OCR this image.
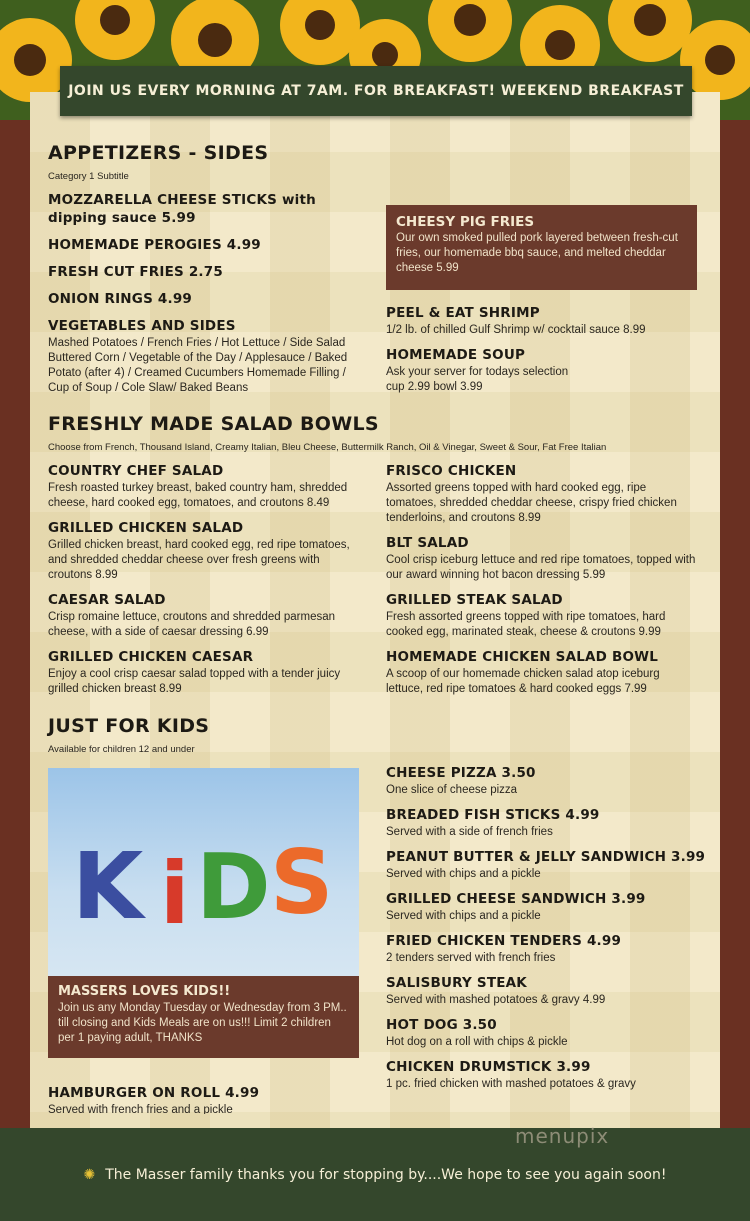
JOIN US EVERY MORNING AT 7AM. FOR BREAKFAST! WEEKEND BREAKFAST
APPETIZERS - SIDES
Category 1 Subtitle
MOZZARELLA CHEESE STICKS with dipping sauce 5.99
HOMEMADE PEROGIES 4.99
FRESH CUT FRIES 2.75
ONION RINGS 4.99
VEGETABLES AND SIDES
Mashed Potatoes / French Fries / Hot Lettuce / Side Salad Buttered Corn / Vegetable of the Day / Applesauce / Baked Potato (after 4) / Creamed Cucumbers Homemade Filling / Cup of Soup / Cole Slaw/ Baked Beans
CHEESY PIG FRIES
Our own smoked pulled pork layered between fresh-cut fries, our homemade bbq sauce, and melted cheddar cheese 5.99
PEEL & EAT SHRIMP
1/2 lb. of chilled Gulf Shrimp w/ cocktail sauce 8.99
HOMEMADE SOUP
Ask your server for todays selection cup 2.99 bowl 3.99
FRESHLY MADE SALAD BOWLS
Choose from French, Thousand Island, Creamy Italian, Bleu Cheese, Buttermilk Ranch, Oil & Vinegar, Sweet & Sour, Fat Free Italian
COUNTRY CHEF SALAD
Fresh roasted turkey breast, baked country ham, shredded cheese, hard cooked egg, tomatoes, and croutons 8.49
GRILLED CHICKEN SALAD
Grilled chicken breast, hard cooked egg, red ripe tomatoes, and shredded cheddar cheese over fresh greens with croutons 8.99
CAESAR SALAD
Crisp romaine lettuce, croutons and shredded parmesan cheese, with a side of caesar dressing 6.99
GRILLED CHICKEN CAESAR
Enjoy a cool crisp caesar salad topped with a tender juicy grilled chicken breast 8.99
FRISCO CHICKEN
Assorted greens topped with hard cooked egg, ripe tomatoes, shredded cheddar cheese, crispy fried chicken tenderloins, and croutons 8.99
BLT SALAD
Cool crisp iceburg lettuce and red ripe tomatoes, topped with our award winning hot bacon dressing 5.99
GRILLED STEAK SALAD
Fresh assorted greens topped with ripe tomatoes, hard cooked egg, marinated steak, cheese & croutons 9.99
HOMEMADE CHICKEN SALAD BOWL
A scoop of our homemade chicken salad atop iceburg lettuce, red ripe tomatoes & hard cooked eggs 7.99
JUST FOR KIDS
Available for children 12 and under
K i D S
MASSERS LOVES KIDS!!
Join us any Monday Tuesday or Wednesday from 3 PM.. till closing and Kids Meals are on us!!! Limit 2 children per 1 paying adult, THANKS
CHEESE PIZZA 3.50
One slice of cheese pizza
BREADED FISH STICKS 4.99
Served with a side of french fries
PEANUT BUTTER & JELLY SANDWICH 3.99
Served with chips and a pickle
GRILLED CHEESE SANDWICH 3.99
Served with chips and a pickle
FRIED CHICKEN TENDERS 4.99
2 tenders served with french fries
SALISBURY STEAK
Served with mashed potatoes & gravy 4.99
HOT DOG 3.50
Hot dog on a roll with chips & pickle
CHICKEN DRUMSTICK 3.99
1 pc. fried chicken with mashed potatoes & gravy
HAMBURGER ON ROLL 4.99
Served with french fries and a pickle
✺ The Masser family thanks you for stopping by....We hope to see you again soon!
menupix
